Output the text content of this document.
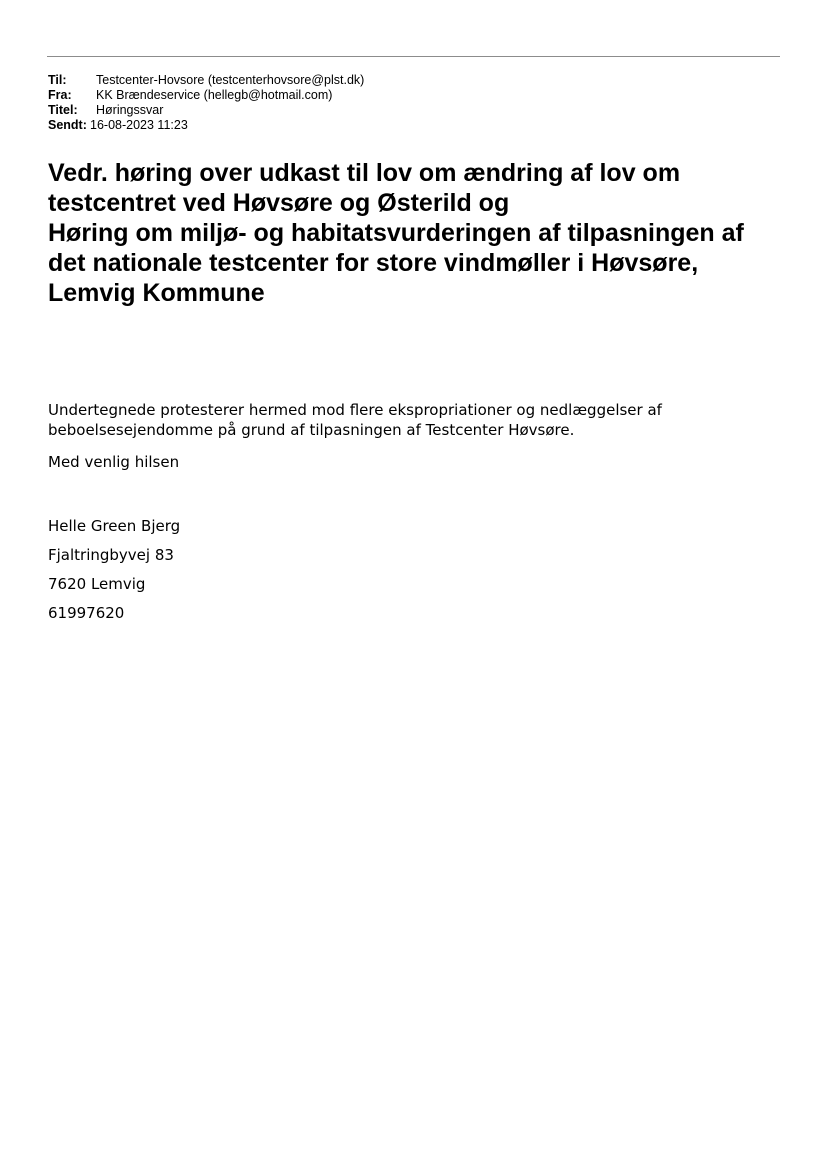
Til:	Testcenter-Hovsore (testcenterhovsore@plst.dk)
Fra:	KK Brændeservice (hellegb@hotmail.com)
Titel:	Høringssvar
Sendt: 16-08-2023 11:23
Vedr. høring over udkast til lov om ændring af lov om
testcentret ved Høvsøre og Østerild og
Høring om miljø- og habitatsvurderingen af tilpasningen af
det nationale testcenter for store vindmøller i Høvsøre,
Lemvig Kommune

Undertegnede protesterer hermed mod flere ekspropriationer og nedlæggelser af
beboelsesejendomme på grund af tilpasningen af Testcenter Høvsøre.

Med venlig hilsen

Helle Green Bjerg
Fjaltringbyvej 83
7620 Lemvig
61997620
